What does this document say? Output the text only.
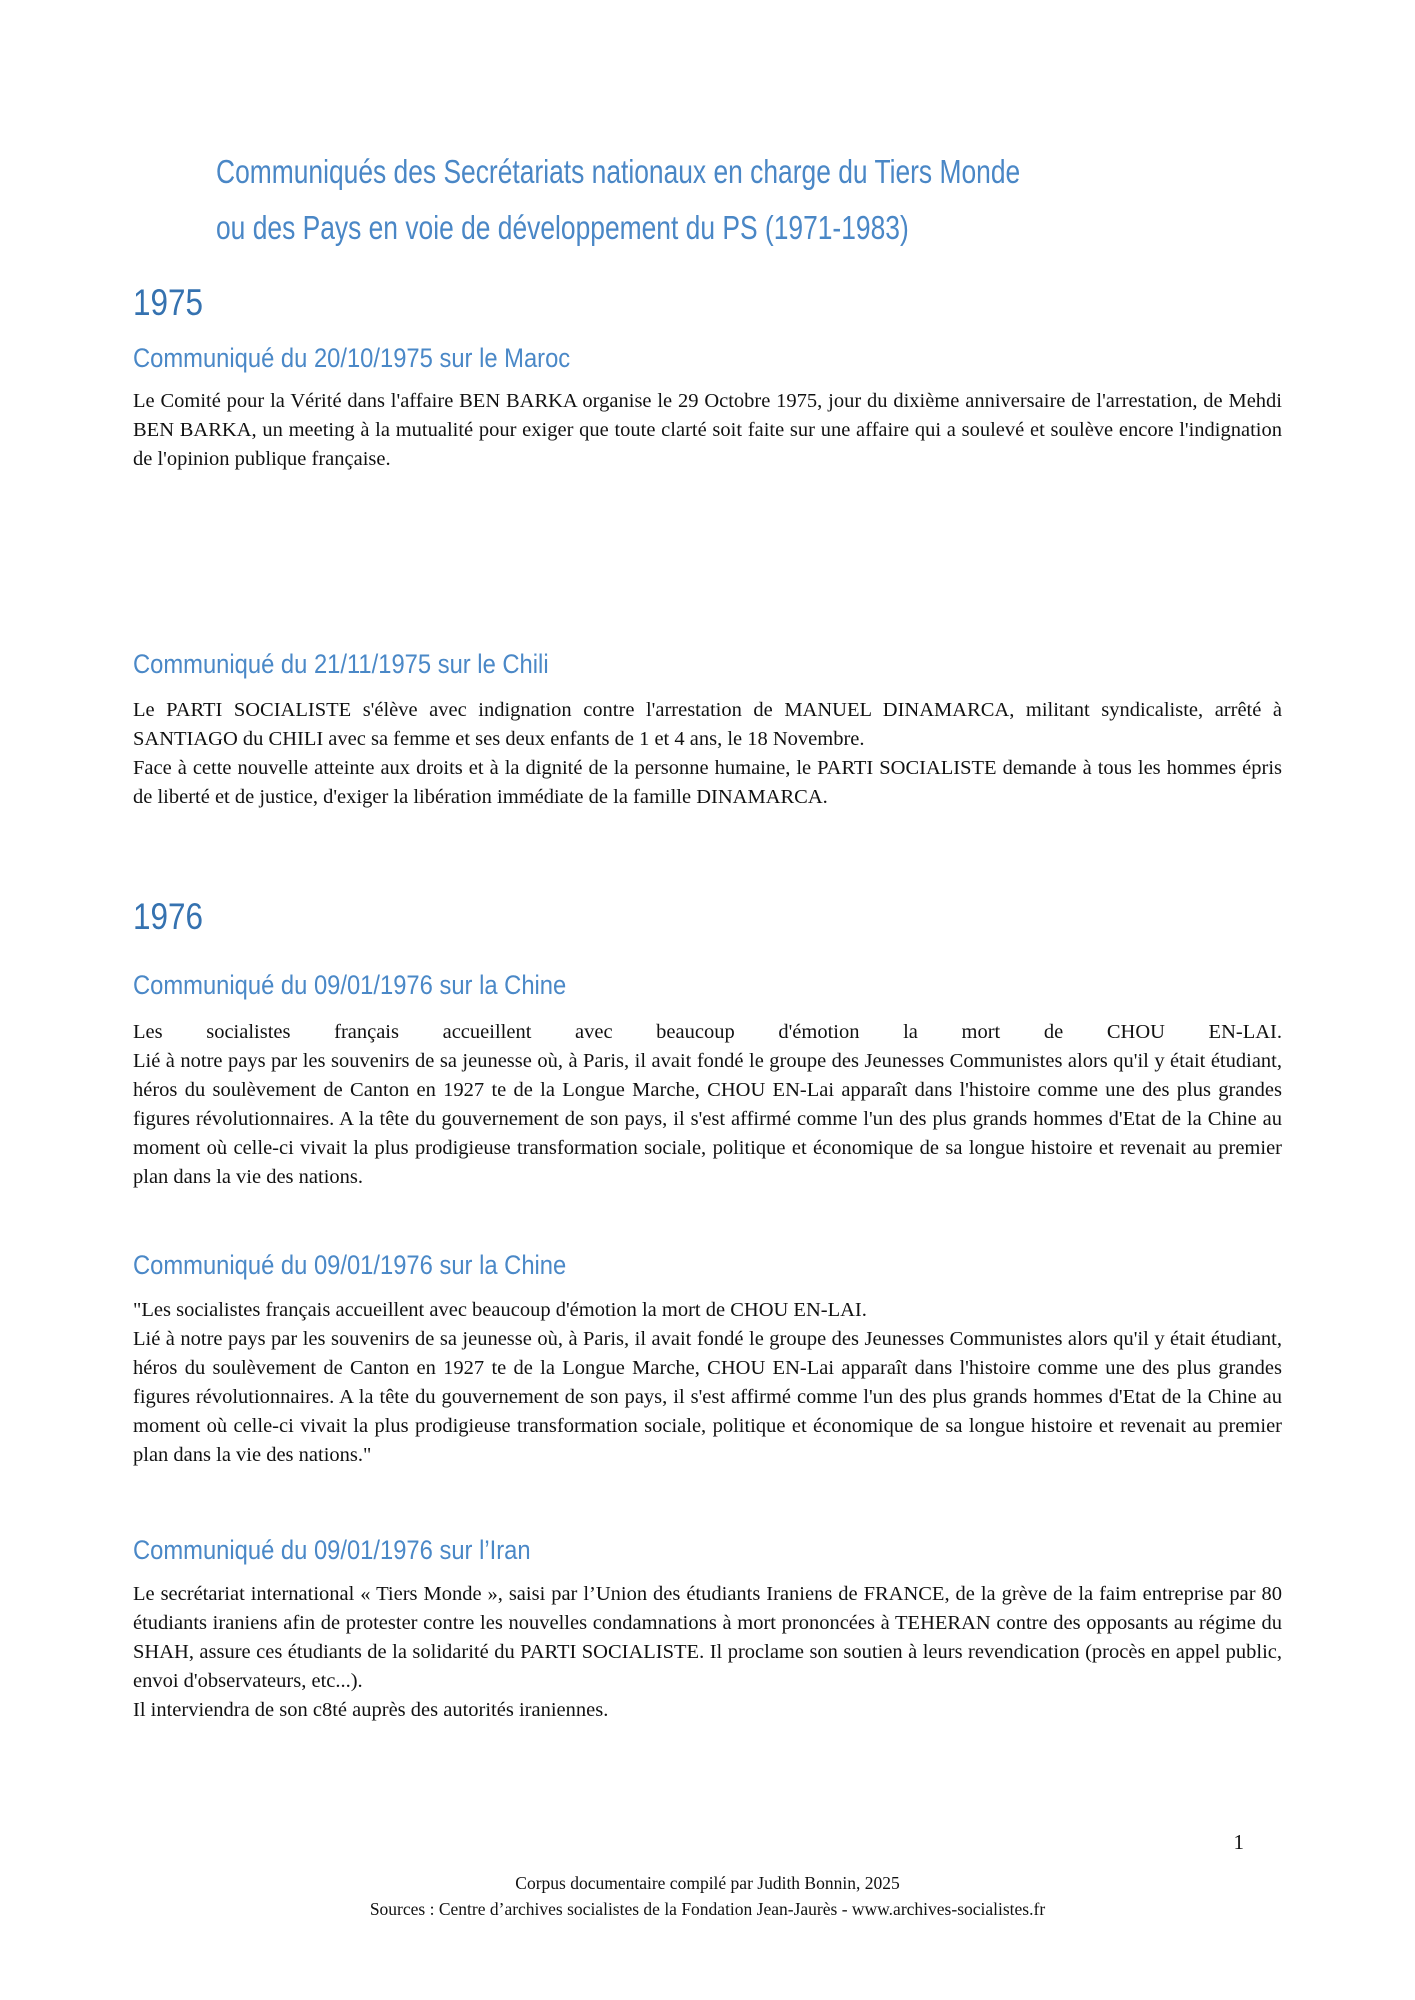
Communiqués des Secrétariats nationaux en charge du Tiers Monde
ou des Pays en voie de développement du PS (1971-1983)
1975
Communiqué du 20/10/1975 sur le Maroc
Le Comité pour la Vérité dans l'affaire BEN BARKA organise le 29 Octobre 1975, jour du dixième anniversaire de l'arrestation, de Mehdi BEN BARKA, un meeting à la mutualité pour exiger que toute clarté soit faite sur une affaire qui a soulevé et soulève encore l'indignation de l'opinion publique française.
Communiqué du 21/11/1975 sur le Chili
Le PARTI SOCIALISTE s'élève avec indignation contre l'arrestation de MANUEL DINAMARCA, militant syndicaliste, arrêté à SANTIAGO du CHILI avec sa femme et ses deux enfants de 1 et 4 ans, le 18 Novembre.
Face à cette nouvelle atteinte aux droits et à la dignité de la personne humaine, le PARTI SOCIALISTE demande à tous les hommes épris de liberté et de justice, d'exiger la libération immédiate de la famille DINAMARCA.
1976
Communiqué du 09/01/1976 sur la Chine
Les socialistes français accueillent avec beaucoup d'émotion la mort de CHOU EN-LAI.
Lié à notre pays par les souvenirs de sa jeunesse où, à Paris, il avait fondé le groupe des Jeunesses Communistes alors qu'il y était étudiant, héros du soulèvement de Canton en 1927 te de la Longue Marche, CHOU EN-Lai apparaît dans l'histoire comme une des plus grandes figures révolutionnaires. A la tête du gouvernement de son pays, il s'est affirmé comme l'un des plus grands hommes d'Etat de la Chine au moment où celle-ci vivait la plus prodigieuse transformation sociale, politique et économique de sa longue histoire et revenait au premier plan dans la vie des nations.
Communiqué du 09/01/1976 sur la Chine
"Les socialistes français accueillent avec beaucoup d'émotion la mort de CHOU EN-LAI.
Lié à notre pays par les souvenirs de sa jeunesse où, à Paris, il avait fondé le groupe des Jeunesses Communistes alors qu'il y était étudiant, héros du soulèvement de Canton en 1927 te de la Longue Marche, CHOU EN-Lai apparaît dans l'histoire comme une des plus grandes figures révolutionnaires. A la tête du gouvernement de son pays, il s'est affirmé comme l'un des plus grands hommes d'Etat de la Chine au moment où celle-ci vivait la plus prodigieuse transformation sociale, politique et économique de sa longue histoire et revenait au premier plan dans la vie des nations."
Communiqué du 09/01/1976 sur l’Iran
Le secrétariat international « Tiers Monde », saisi par l’Union des étudiants Iraniens de FRANCE, de la grève de la faim entreprise par 80 étudiants iraniens afin de protester contre les nouvelles condamnations à mort prononcées à TEHERAN contre des opposants au régime du SHAH, assure ces étudiants de la solidarité du PARTI SOCIALISTE. Il proclame son soutien à leurs revendication (procès en appel public, envoi d'observateurs, etc...).
Il interviendra de son c8té auprès des autorités iraniennes.
1
Corpus documentaire compilé par Judith Bonnin, 2025
Sources : Centre d’archives socialistes de la Fondation Jean-Jaurès - www.archives-socialistes.fr
